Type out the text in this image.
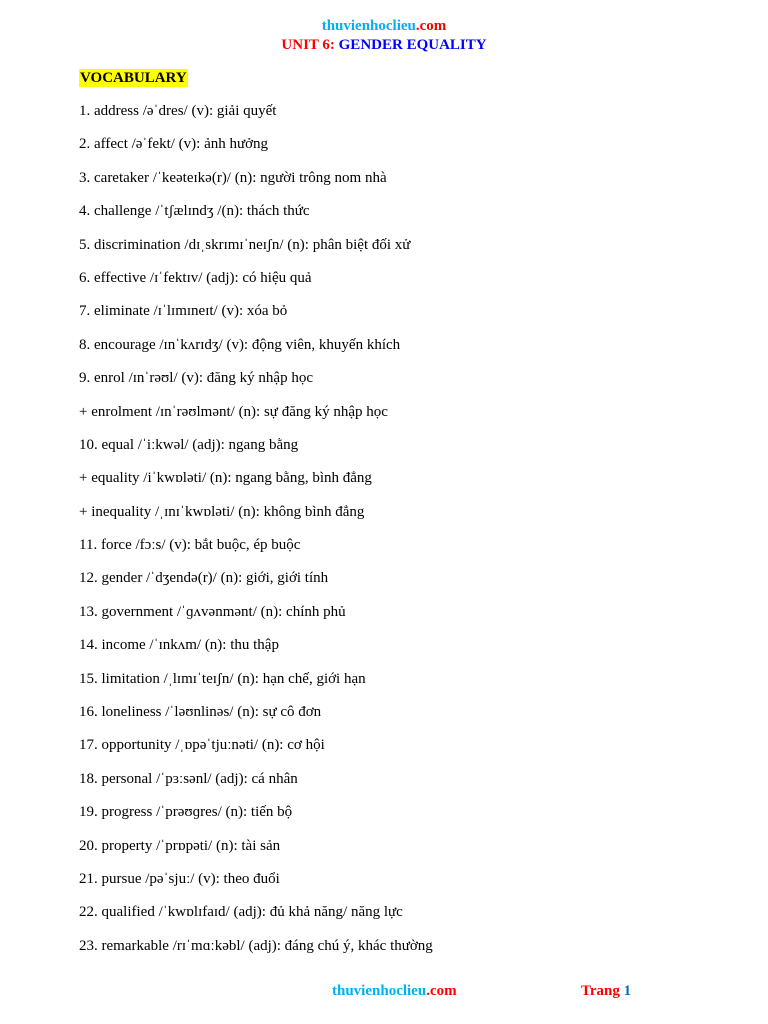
thuvienhoclieu.com
UNIT 6: GENDER EQUALITY
VOCABULARY
1. address /əˈdres/ (v): giải quyết
2. affect /əˈfekt/ (v): ảnh hưởng
3. caretaker /ˈkeəteɪkə(r)/ (n): người trông nom nhà
4. challenge /ˈtʃælɪndʒ /(n): thách thức
5. discrimination /dɪˌskrɪmɪˈneɪʃn/ (n): phân biệt đối xử
6. effective /ɪˈfektɪv/ (adj): có hiệu quả
7. eliminate /ɪˈlɪmɪneɪt/ (v): xóa bỏ
8. encourage /ɪnˈkʌrɪdʒ/ (v): động viên, khuyến khích
9. enrol /ɪnˈrəʊl/ (v): đăng ký nhập học
+ enrolment /ɪnˈrəʊlmənt/ (n): sự đăng ký nhập học
10. equal /ˈiːkwəl/ (adj): ngang bằng
+ equality /iˈkwɒləti/ (n): ngang bằng, bình đẳng
+ inequality /ˌɪnɪˈkwɒləti/ (n): không bình đẳng
11. force /fɔːs/ (v): bắt buộc, ép buộc
12. gender /ˈdʒendə(r)/ (n): giới, giới tính
13. government /ˈɡʌvənmənt/ (n): chính phủ
14. income /ˈɪnkʌm/ (n): thu thập
15. limitation /ˌlɪmɪˈteɪʃn/ (n): hạn chế, giới hạn
16. loneliness /ˈləʊnlinəs/ (n): sự cô đơn
17. opportunity /ˌɒpəˈtjuːnəti/ (n): cơ hội
18. personal /ˈpɜːsənl/ (adj): cá nhân
19. progress /ˈprəʊɡres/ (n): tiến bộ
20. property /ˈprɒpəti/ (n): tài sản
21. pursue /pəˈsjuː/ (v): theo đuổi
22. qualified /ˈkwɒlɪfaɪd/ (adj): đủ khả năng/ năng lực
23. remarkable /rɪˈmɑːkəbl/ (adj): đáng chú ý, khác thường
thuvienhoclieu.com	Trang 1
